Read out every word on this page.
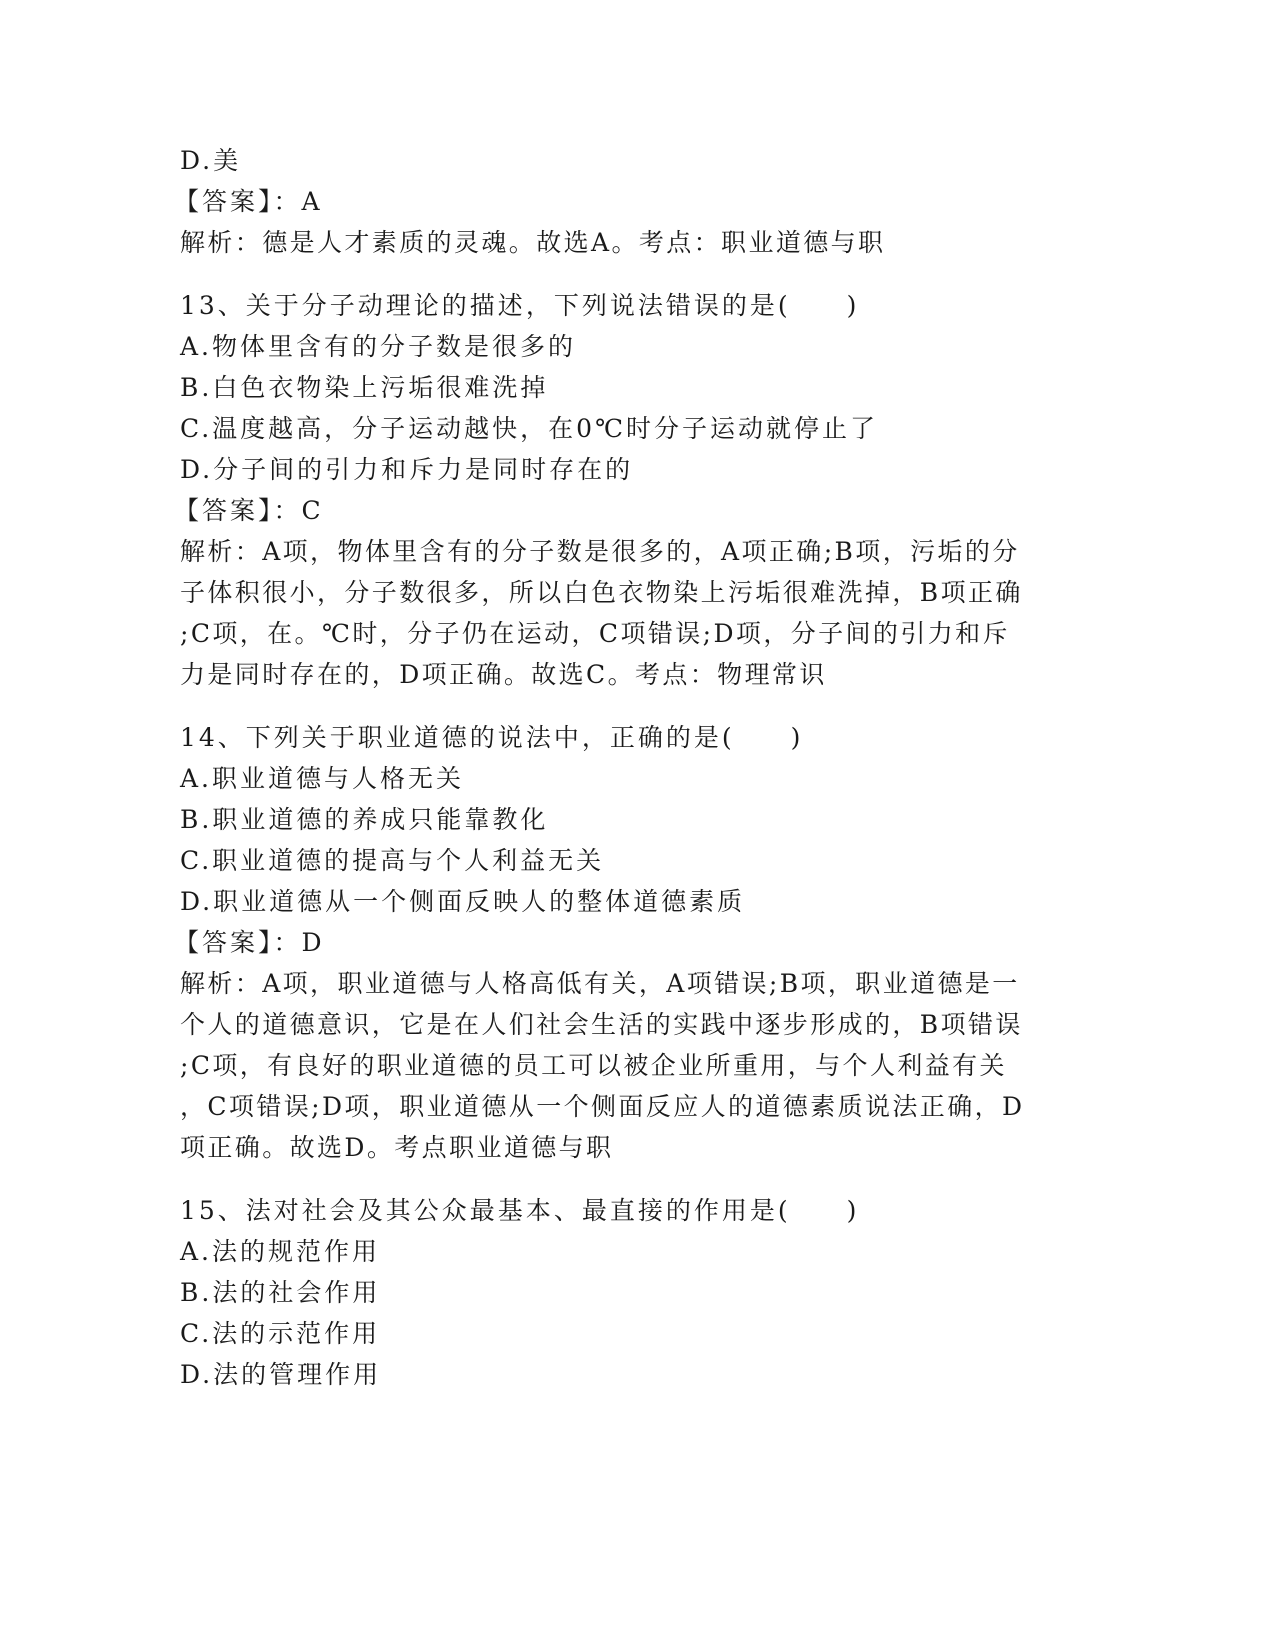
D.美
【答案】：A
解析：德是人才素质的灵魂。故选A。考点：职业道德与职
13、关于分子动理论的描述，下列说法错误的是(　　)
A.物体里含有的分子数是很多的
B.白色衣物染上污垢很难洗掉
C.温度越高，分子运动越快，在0℃时分子运动就停止了
D.分子间的引力和斥力是同时存在的
【答案】：C
解析：A项，物体里含有的分子数是很多的，A项正确;B项，污垢的分
子体积很小，分子数很多，所以白色衣物染上污垢很难洗掉，B项正确
;C项，在。℃时，分子仍在运动，C项错误;D项，分子间的引力和斥
力是同时存在的，D项正确。故选C。考点：物理常识
14、下列关于职业道德的说法中，正确的是(　　)
A.职业道德与人格无关
B.职业道德的养成只能靠教化
C.职业道德的提高与个人利益无关
D.职业道德从一个侧面反映人的整体道德素质
【答案】：D
解析：A项，职业道德与人格高低有关，A项错误;B项，职业道德是一
个人的道德意识，它是在人们社会生活的实践中逐步形成的，B项错误
;C项，有良好的职业道德的员工可以被企业所重用，与个人利益有关
，C项错误;D项，职业道德从一个侧面反应人的道德素质说法正确，D
项正确。故选D。考点职业道德与职
15、法对社会及其公众最基本、最直接的作用是(　　)
A.法的规范作用
B.法的社会作用
C.法的示范作用
D.法的管理作用
